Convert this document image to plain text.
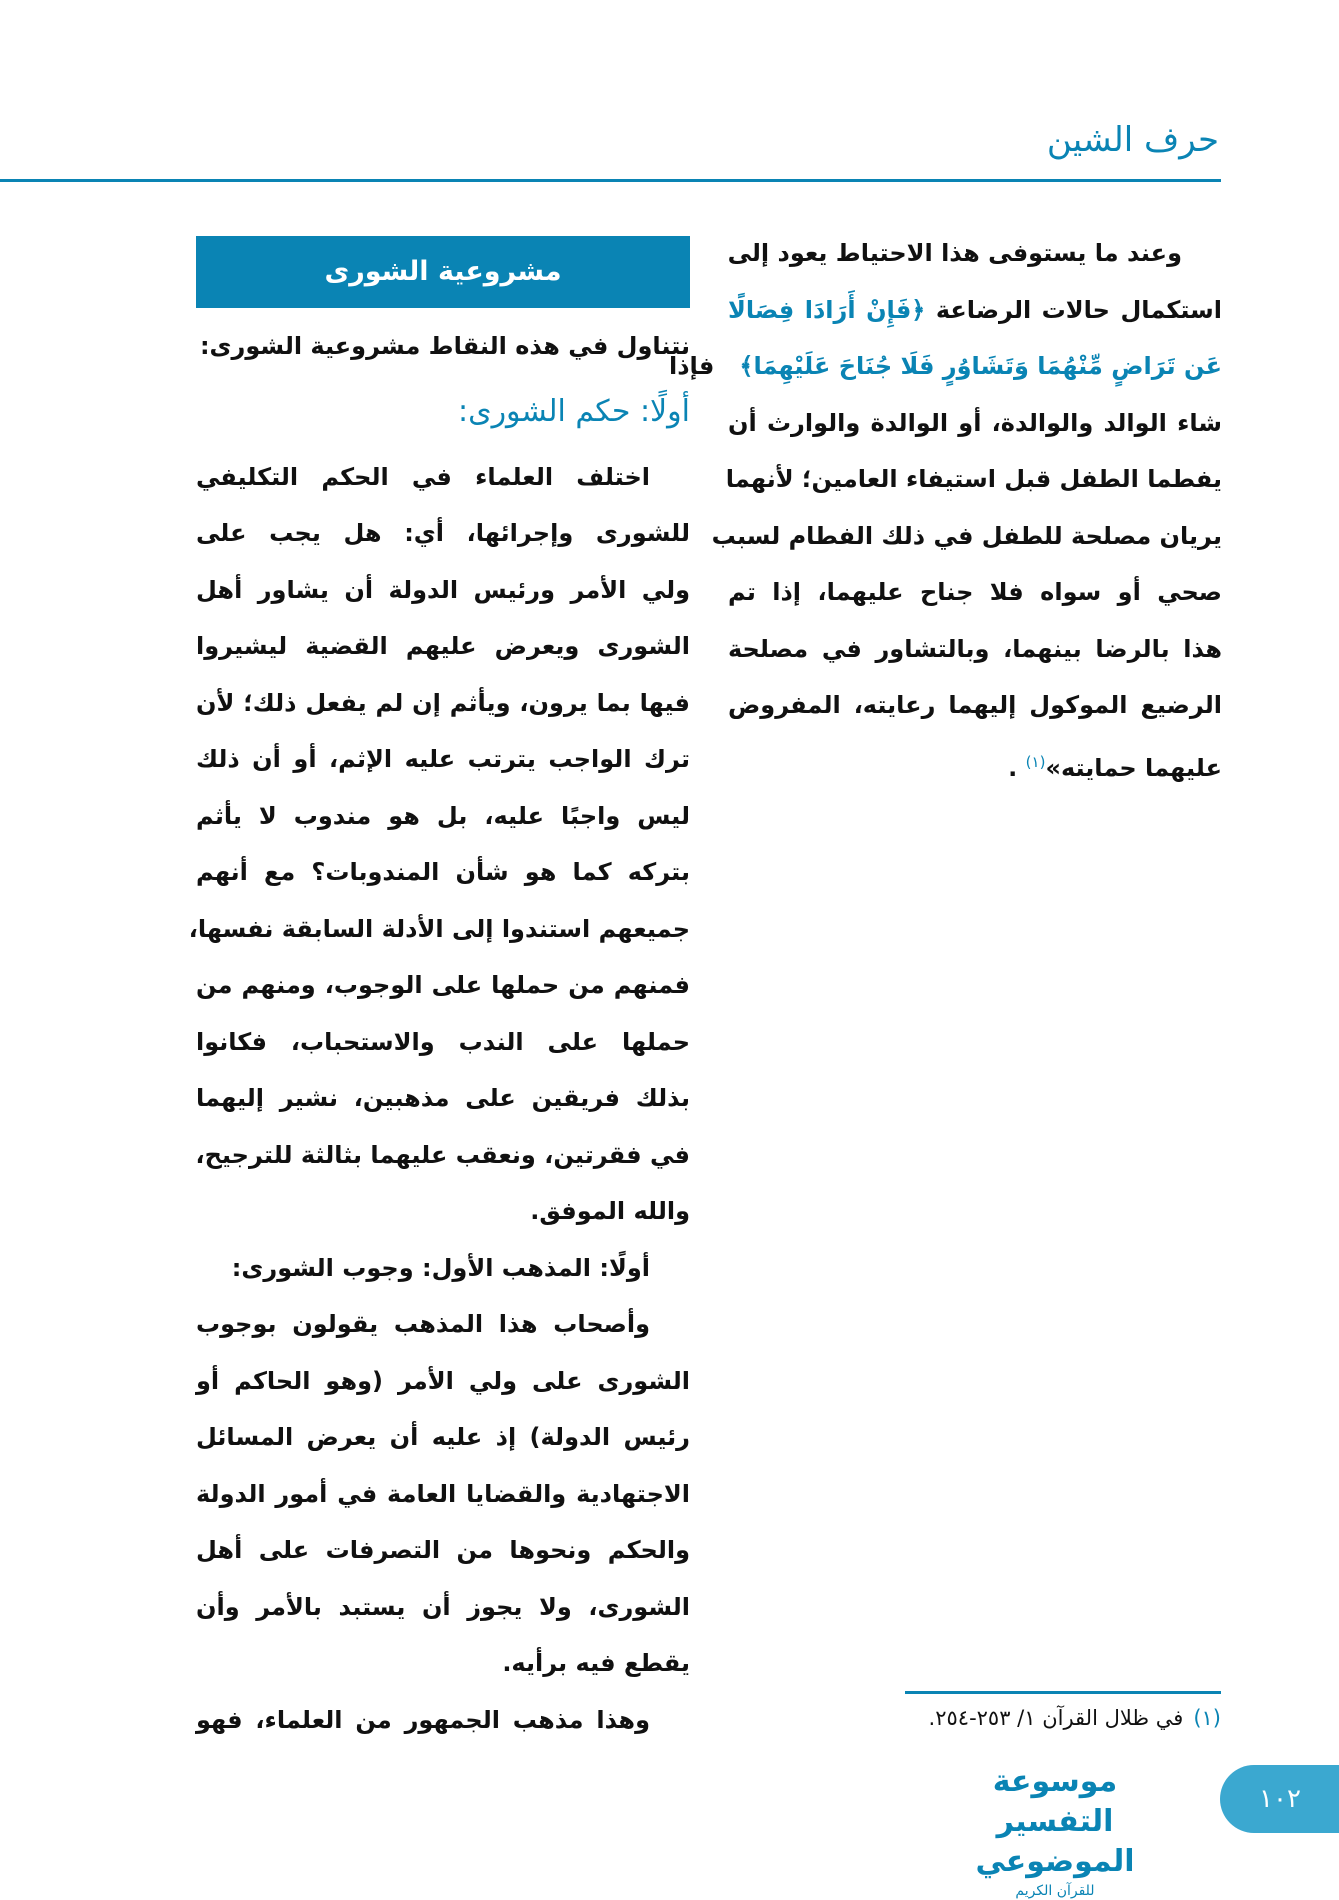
حرف الشين
وعند ما يستوفى هذا الاحتياط يعود إلى
استكمال حالات الرضاعة ﴿فَإِنْ أَرَادَا فِصَالًا
عَن تَرَاضٍ مِّنْهُمَا وَتَشَاوُرٍ فَلَا جُنَاحَ عَلَيْهِمَا﴾   فإذا
شاء الوالد والوالدة، أو الوالدة والوارث أن
يفطما الطفل قبل استيفاء العامين؛ لأنهما
يريان مصلحة للطفل في ذلك الفطام لسبب
صحي أو سواه فلا جناح عليهما، إذا تم
هذا بالرضا بينهما، وبالتشاور في مصلحة
الرضيع الموكول إليهما رعايته، المفروض
عليهما حمايته»$^{(١)}$ .
مشروعية الشورى
نتناول في هذه النقاط مشروعية الشورى:
أولًا: حكم الشورى:
اختلف العلماء في الحكم التكليفي
للشورى وإجرائها، أي: هل يجب على
ولي الأمر ورئيس الدولة أن يشاور أهل
الشورى ويعرض عليهم القضية ليشيروا
فيها بما يرون، ويأثم إن لم يفعل ذلك؛ لأن
ترك الواجب يترتب عليه الإثم، أو أن ذلك
ليس واجبًا عليه، بل هو مندوب لا يأثم
بتركه كما هو شأن المندوبات؟ مع أنهم
جميعهم استندوا إلى الأدلة السابقة نفسها،
فمنهم من حملها على الوجوب، ومنهم من
حملها على الندب والاستحباب، فكانوا
بذلك فريقين على مذهبين، نشير إليهما
في فقرتين، ونعقب عليهما بثالثة للترجيح،
والله الموفق.
أولًا: المذهب الأول: وجوب الشورى:
وأصحاب هذا المذهب يقولون بوجوب
الشورى على ولي الأمر (وهو الحاكم أو
رئيس الدولة) إذ عليه أن يعرض المسائل
الاجتهادية والقضايا العامة في أمور الدولة
والحكم ونحوها من التصرفات على أهل
الشورى، ولا يجوز أن يستبد بالأمر وأن
يقطع فيه برأيه.
وهذا مذهب الجمهور من العلماء، فهو	(١)في ظلال القرآن ١/ ٢٥٣-٢٥٤.
موسوعة التفسير الموضوعي
للقرآن الكريم
١٠٢
